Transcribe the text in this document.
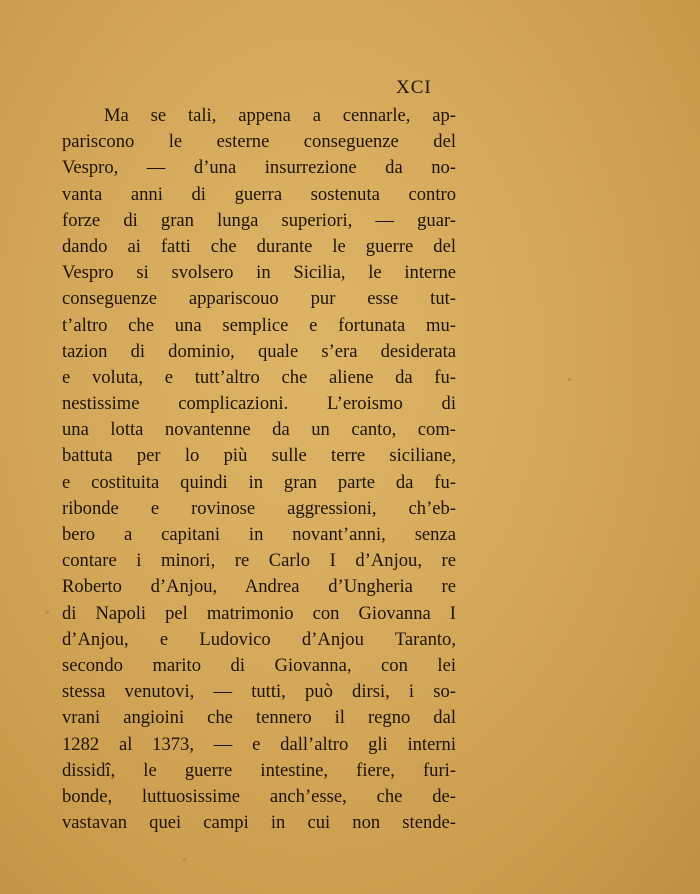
XCI
Ma se tali, appena a cennarle, ap-
pariscono le esterne conseguenze del
Vespro, — d’una insurrezione da no-
vanta anni di guerra sostenuta contro
forze di gran lunga superiori, — guar-
dando ai fatti che durante le guerre del
Vespro si svolsero in Sicilia, le interne
conseguenze appariscouo pur esse tut-
t’altro che una semplice e fortunata mu-
tazion di dominio, quale s’era desiderata
e voluta, e tutt’altro che aliene da fu-
nestissime complicazioni. L’eroismo di
una lotta novantenne da un canto, com-
battuta per lo più sulle terre siciliane,
e costituita quindi in gran parte da fu-
ribonde e rovinose aggressioni, ch’eb-
bero a capitani in novant’anni, senza
contare i minori, re Carlo I d’Anjou, re
Roberto d’Anjou, Andrea d’Ungheria re
di Napoli pel matrimonio con Giovanna I
d’Anjou, e Ludovico d’Anjou Taranto,
secondo marito di Giovanna, con lei
stessa venutovi, — tutti, può dirsi, i so-
vrani angioini che tennero il regno dal
1282 al 1373, — e dall’altro gli interni
dissidî, le guerre intestine, fiere, furi-
bonde, luttuosissime anch’esse, che de-
vastavan quei campi in cui non stende-
